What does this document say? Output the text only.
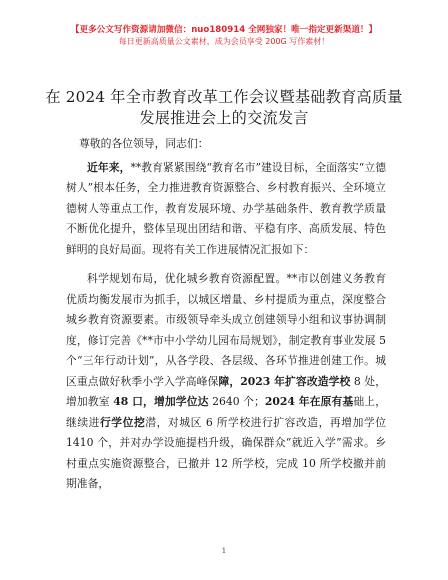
【更多公文写作资源请加微信：nuo180914 全网独家！唯一指定更新渠道！】
每日更新高质量公文素材，成为会员享受 200G 写作素材！
在 2024 年全市教育改革工作会议暨基础教育高质量发展推进会上的交流发言

尊敬的各位领导，同志们：

近年来，**教育紧紧围绕“教育名市”建设目标，全面落实“立德树人”根本任务，全力推进教育资源整合、乡村教育振兴、全环境立德树人等重点工作，教育发展环境、办学基础条件、教育教学质量不断优化提升，整体呈现出团结和谐、平稳有序、高质发展、特色鲜明的良好局面。现将有关工作进展情况汇报如下：

科学规划布局，优化城乡教育资源配置。**市以创建义务教育优质均衡发展市为抓手，以城区增量、乡村提质为重点，深度整合城乡教育资源要素。市级领导牵头成立创建领导小组和议事协调制度，修订完善《**市中小学幼儿园布局规划》，制定教育事业发展 5 个“三年行动计划”，从各学段、各层级、各环节推进创建工作。城区重点做好秋季小学入学高峰保障，2023 年扩容改造学校 8 处，增加教室 48 口，增加学位达 2640 个；2024 年在原有基础上，继续进行学位挖潜，对城区 6 所学校进行扩容改造，再增加学位 1410 个，并对办学设施提档升级，确保群众“就近入学”需求。乡村重点实施资源整合，已撤并 12 所学校，完成 10 所学校撤并前期准备，

1
